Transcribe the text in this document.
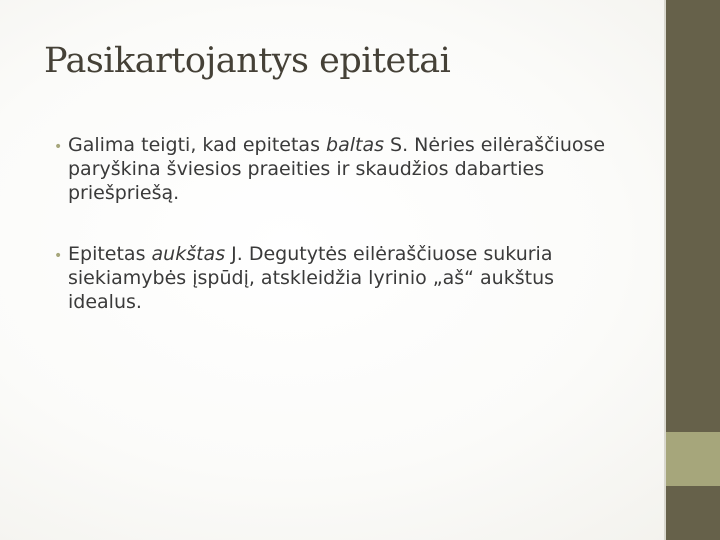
Pasikartojantys epitetai
• Galima teigti, kad epitetas baltas S. Nėries eilėraščiuose paryškina šviesios praeities ir skaudžios dabarties priešpriešą.
• Epitetas aukštas J. Degutytės eilėraščiuose sukuria siekiamybės įspūdį, atskleidžia lyrinio „aš“ aukštus idealus.
